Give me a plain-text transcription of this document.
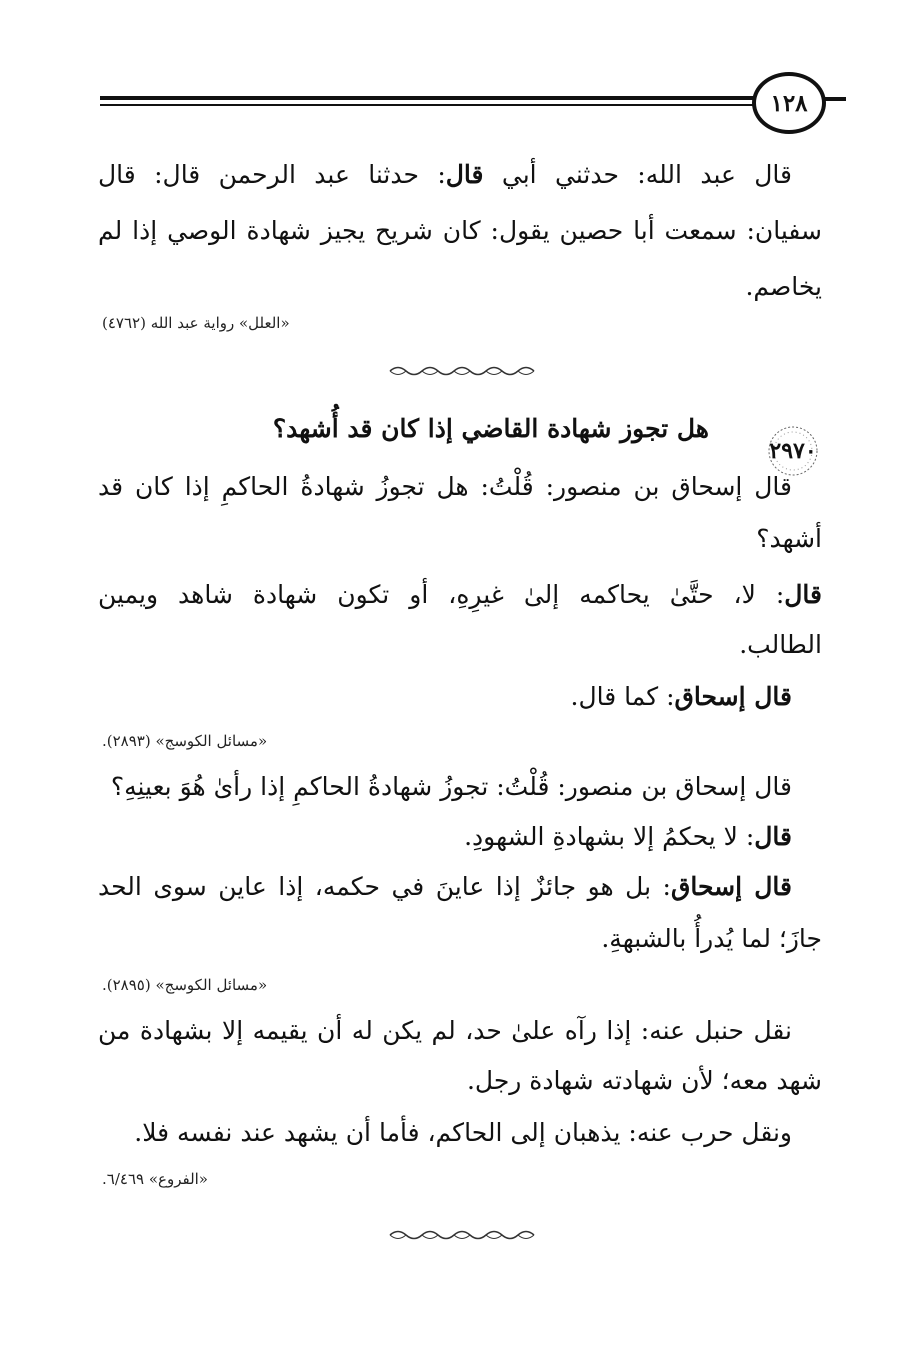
١٢٨
قال عبد الله: حدثني أبي قال: حدثنا عبد الرحمن قال: قال
سفيان: سمعت أبا حصين يقول: كان شريح يجيز شهادة الوصي إذا لم
يخاصم.
«العلل» رواية عبد الله (٤٧٦٢)
٢٩٧٠
هل تجوز شهادة القاضي إذا كان قد أُشهد؟
قال إسحاق بن منصور: قُلْتُ: هل تجوزُ شهادةُ الحاكمِ إذا كان قد
أشهد؟
قال: لا، حتَّىٰ يحاكمه إلىٰ غيرِهِ، أو تكون شهادة شاهد ويمين
الطالب.
قال إسحاق: كما قال.
«مسائل الكوسج» (٢٨٩٣).
قال إسحاق بن منصور: قُلْتُ: تجوزُ شهادةُ الحاكمِ إذا رأىٰ هُوَ بعينِهِ؟
قال: لا يحكمُ إلا بشهادةِ الشهودِ.
قال إسحاق: بل هو جائزٌ إذا عاينَ في حكمه، إذا عاين سوى الحد
جازَ؛ لما يُدرأُ بالشبهةِ.
«مسائل الكوسج» (٢٨٩٥).
نقل حنبل عنه: إذا رآه علىٰ حد، لم يكن له أن يقيمه إلا بشهادة من
شهد معه؛ لأن شهادته شهادة رجل.
ونقل حرب عنه: يذهبان إلى الحاكم، فأما أن يشهد عند نفسه فلا.
«الفروع» ٦/٤٦٩.
